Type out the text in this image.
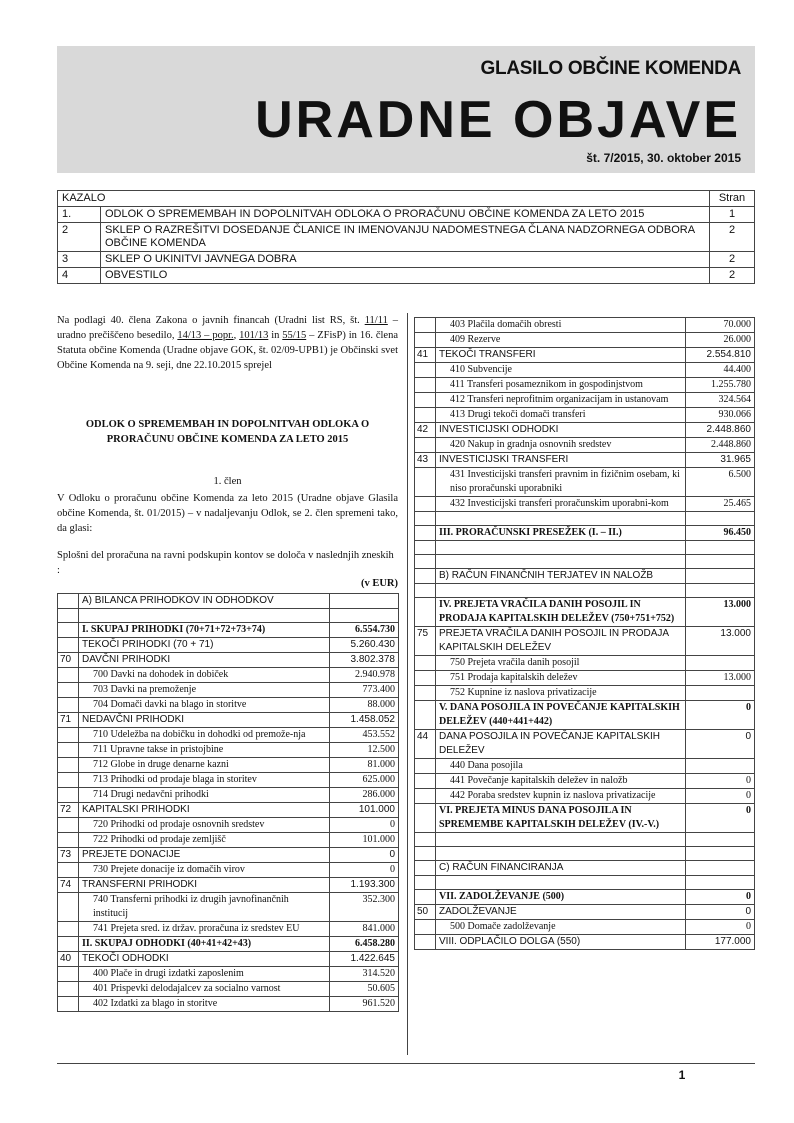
GLASILO OBČINE KOMENDA
URADNE OBJAVE
št. 7/2015, 30. oktober 2015
KAZALO		Stran
1.	ODLOK O SPREMEMBAH IN DOPOLNITVAH ODLOKA O PRORAČUNU OBČINE KOMENDA ZA LETO 2015	1
2	SKLEP O RAZREŠITVI DOSEDANJE ČLANICE IN IMENOVANJU NADOMESTNEGA ČLANA NADZORNEGA ODBORA OBČINE KOMENDA	2
3	SKLEP O UKINITVI JAVNEGA DOBRA	2
4	OBVESTILO	2
Na podlagi 40. člena Zakona o javnih financah (Uradni list RS, št. 11/11 – uradno prečiščeno besedilo, 14/13 – popr., 101/13 in 55/15 – ZFisP) in 16. člena Statuta občine Komenda (Uradne objave GOK, št. 02/09-UPB1) je Občinski svet Občine Komenda na 9. seji, dne 22.10.2015 sprejel
ODLOK O SPREMEMBAH IN DOPOLNITVAH ODLOKA O PRORAČUNU OBČINE KOMENDA ZA LETO 2015
1. člen
V Odloku o proračunu občine Komenda za leto 2015 (Uradne objave Glasila občine Komenda, št. 01/2015) – v nadaljevanju Odlok, se 2. člen spremeni tako, da glasi:
Splošni del proračuna na ravni podskupin kontov se določa v naslednjih zneskih :
(v EUR)
	A) BILANCA PRIHODKOV IN ODHODKOV	

	I. SKUPAJ PRIHODKI (70+71+72+73+74)	6.554.730
	TEKOČI PRIHODKI (70 + 71)	5.260.430
70	DAVČNI PRIHODKI	3.802.378
	700 Davki na dohodek in dobiček	2.940.978
	703 Davki na premoženje	773.400
	704 Domači davki na blago in storitve	88.000
71	NEDAVČNI PRIHODKI	1.458.052
	710 Udeležba na dobičku in dohodki od premože-nja	453.552
	711 Upravne takse in pristojbine	12.500
	712 Globe in druge denarne kazni	81.000
	713 Prihodki od prodaje blaga in storitev	625.000
	714 Drugi nedavčni prihodki	286.000
72	KAPITALSKI PRIHODKI	101.000
	720 Prihodki od prodaje osnovnih sredstev	0
	722 Prihodki od prodaje zemljišč	101.000
73	PREJETE DONACIJE	0
	730 Prejete donacije iz domačih virov	0
74	TRANSFERNI PRIHODKI	1.193.300
	740 Transferni prihodki iz drugih javnofinančnih institucij	352.300
	741 Prejeta sred. iz držav. proračuna iz sredstev EU	841.000
	II. SKUPAJ ODHODKI (40+41+42+43)	6.458.280
40	TEKOČI ODHODKI	1.422.645
	400 Plače in drugi izdatki zaposlenim	314.520
	401 Prispevki delodajalcev za socialno varnost	50.605
	402 Izdatki za blago in storitve	961.520
	403 Plačila domačih obresti	70.000
	409 Rezerve	26.000
41	TEKOČI TRANSFERI	2.554.810
	410 Subvencije	44.400
	411 Transferi posameznikom in gospodinjstvom	1.255.780
	412 Transferi neprofitnim organizacijam in ustanovam	324.564
	413 Drugi tekoči domači transferi	930.066
42	INVESTICIJSKI ODHODKI	2.448.860
	420 Nakup in gradnja osnovnih sredstev	2.448.860
43	INVESTICIJSKI TRANSFERI	31.965
	431 Investicijski transferi pravnim in fizičnim osebam, ki niso proračunski uporabniki	6.500
	432 Investicijski transferi proračunskim uporabni-kom	25.465

	III. PRORAČUNSKI PRESEŽEK (I. – II.)	96.450

	B) RAČUN FINANČNIH TERJATEV IN NALOŽB	

	IV. PREJETA VRAČILA DANIH POSOJIL IN PRODAJA KAPITALSKIH DELEŽEV (750+751+752)	13.000
75	PREJETA VRAČILA DANIH POSOJIL IN PRODAJA KAPITALSKIH DELEŽEV	13.000
	750 Prejeta vračila danih posojil	
	751 Prodaja kapitalskih deležev	13.000
	752 Kupnine iz naslova privatizacije	
	V. DANA POSOJILA IN POVEČANJE KAPITALSKIH DELEŽEV (440+441+442)	0
44	DANA POSOJILA IN POVEČANJE KAPITALSKIH DELEŽEV	0
	440 Dana posojila	
	441 Povečanje kapitalskih deležev in naložb	0
	442 Poraba sredstev kupnin iz naslova privatizacije	0
	VI. PREJETA MINUS DANA POSOJILA IN SPREMEMBE KAPITALSKIH DELEŽEV (IV.-V.)	0

	C) RAČUN FINANCIRANJA	

	VII. ZADOLŽEVANJE (500)	0
50	ZADOLŽEVANJE	0
	500 Domače zadolževanje	0
	VIII. ODPLAČILO DOLGA (550)	177.000
1
